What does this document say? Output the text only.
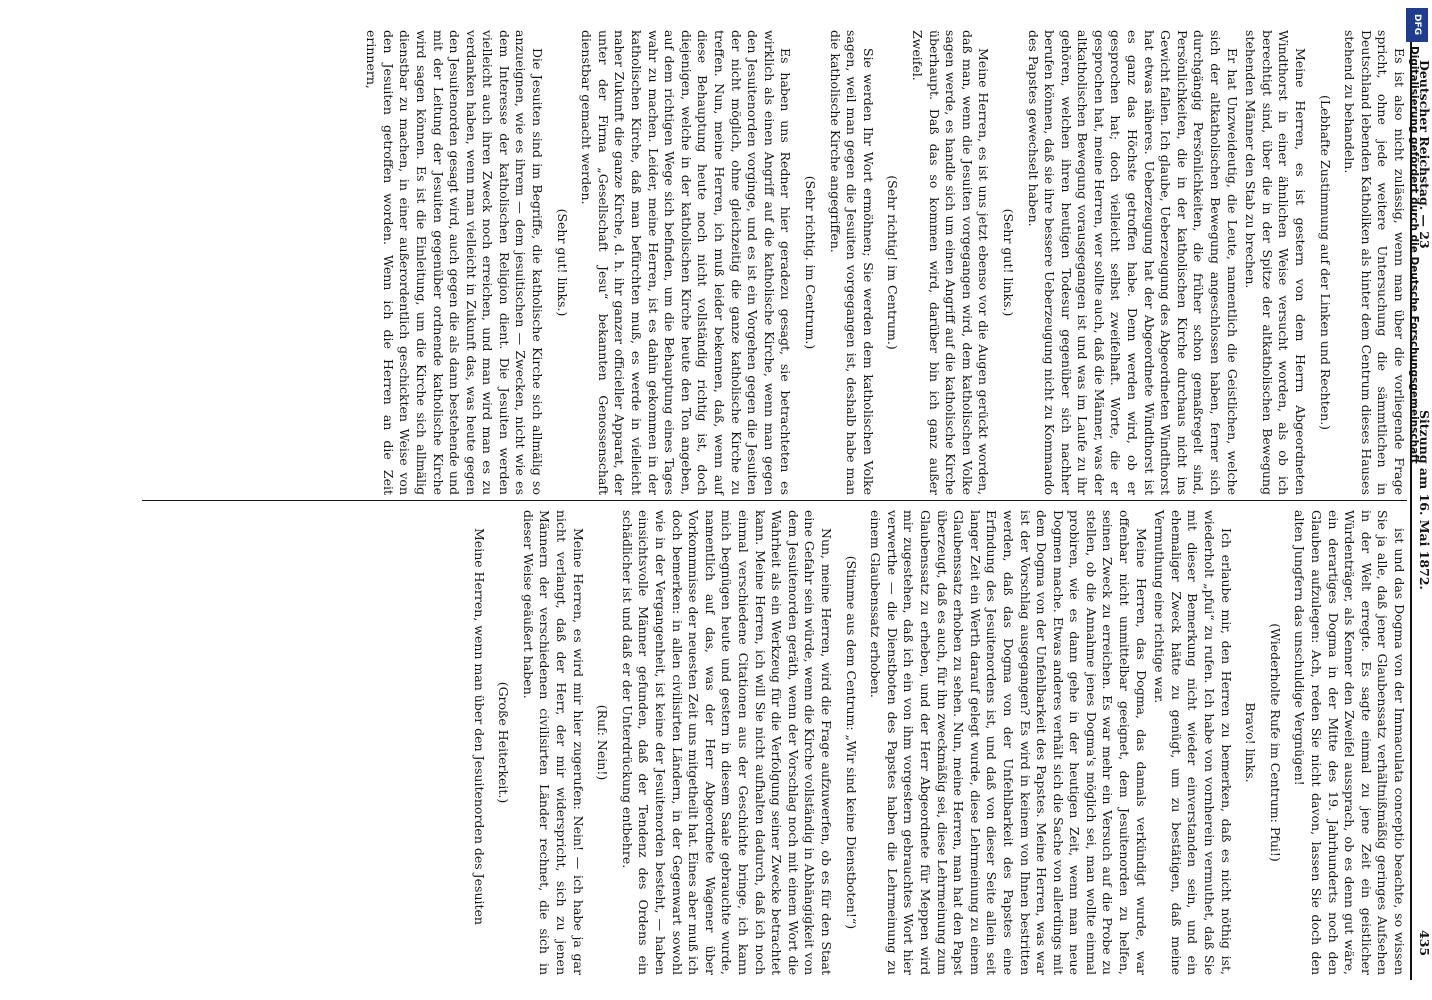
Deutscher Reichstag. — 23
Sitzung am 16. Mai 1872.
435

Es ist also nicht zulässig, wenn man über die vorliegende Frage spricht, ohne jede weitere Untersuchung die sämmtlichen in Deutschland lebenden Katholiken als hinter dem Centrum dieses Hauses stehend zu behandeln.

(Lebhafte Zustimmung auf der Linken und Rechten.)

Meine Herren, es ist gestern von dem Herrn Abgeordneten Windthorst in einer ähnlichen Weise versucht worden, als ob ich berechtigt sind, über die in der Spitze der altkatholischen Bewegung stehenden Männer den Stab zu brechen.

Er hat Unzweideutig, die Leute, namentlich die Geistlichen, welche sich der altkatholischen Bewegung angeschlossen haben, ferner sich durchgängig Persönlichkeiten, die früher schon gemaßregelt sind, Persönlichkeiten, die in der katholischen Kirche durchaus nicht ins Gewicht fallen. Ich glaube, Ueberzeugung des Abgeordneten Windthorst hat etwas näheres. Ueberzeugung hat der Abgeordnete Windthorst ist es ganz das Höchste getroffen habe. Denn werden wird, ob er gesprochen hat; doch vielleicht selbst zweifelhaft. Worte, die er gesprochen hat, meine Herren, wer sollte auch, daß die Männer, was der altkatholischen Bewegung vorausgegangen ist und was im Laufe zu ihr gehören, welchen ihren heutigen Todesur gegenüber sich nachher berufen können, daß sie ihre bessere Ueberzeugung nicht zu Kommando des Papstes gewechselt haben.

(Sehr gut! links.)

Meine Herren, es ist uns jetzt ebenso vor die Augen gerückt worden, daß man, wenn die Jesuiten vorgegangen wird, dem katholischen Volke sagen werde, es handle sich um einen Angriff auf die katholische Kirche überhaupt. Daß das so kommen wird, darüber bin ich ganz außer Zweifel.

(Sehr richtig! im Centrum.)

Sie werden Ihr Wort ermöhnen; Sie werden dem katholischen Volke sagen, weil man gegen die Jesuiten vorgegangen ist, deshalb habe man die katholische Kirche angegriffen.

(Sehr richtig. im Centrum.)

Es haben uns Redner hier geradezu gesagt, sie betrachteten es wirklich als einen Angriff auf die katholische Kirche, wenn man gegen den Jesuitenorden vorginge, und es ist ein Vorgehen gegen die Jesuiten der nicht möglich, ohne gleichzeitig die ganze katholische Kirche zu treffen. Nun, meine Herren, ich muß leider bekennen, daß, wenn auf diese Behauptung heute noch nicht vollständig richtig ist, doch diejenigen, welche in der katholischen Kirche heute den Ton angeben, auf dem richtigen Wege sich befinden, um die Behauptung eines Tages wahr zu machen. Leider, meine Herren, ist es dahin gekommen in der katholischen Kirche, daß man befürchten muß, es werde in vielleicht naher Zukunft die ganze Kirche, d. h. ihr ganzer officieller Apparat, der unter der Firma „Gesellschaft Jesu“ bekannten Genossenschaft dienstbar gemacht werden.

(Sehr gut! links.)

Die Jesuiten sind im Begriffe, die katholische Kirche sich allmälig so anzueignen, wie es ihrem — dem jesuitischen — Zwecken, nicht wie es dem Interesse der katholischen Religion dient. Die Jesuiten werden vielleicht auch ihren Zweck noch erreichen, und man wird man es zu verdanken haben, wenn man vielleicht in Zukunft das, was heute gegen den Jesuitenorden gesagt wird, auch gegen die als dann bestehende und mit der Leitung der Jesuiten gegenüber ordnende katholische Kirche wird sagen können. Es ist die Einleitung, um die Kirche sich allmälig dienstbar zu machen, in einer außerordentlich geschickten Weise von den Jesuiten getroffen worden. Wenn ich die Herren an die Zeit erinnern,

ist und das Dogma von der Immaculata conceptio beachte, so wissen Sie ja alle, daß jener Glaubenssatz verhältnißmäßig geringes Aufsehen in der Welt erregte. Es sagte einmal zu jene Zeit ein geistlicher Würdenträger, als Kenner den Zweifel aussprach, ob es denn gut wäre, ein derartiges Dogma in der Mitte des 19. Jahrhunderts noch den Glauben aufzulegen: Ach, reden Sie nicht davon, lassen Sie doch den alten Jungfern das unschuldige Vergnügen!

(Wiederholte Rufe im Centrum: Pfui!)

Bravo! links.

Ich erlaube mir, den Herren zu bemerken, daß es nicht nöthig ist, wiederholt „pfui“ zu rufen. Ich habe von vornherein vermuthet, daß Sie mit dieser Bemerkung nicht wieder einverstanden sein, und ein ehemaliger Zweck hätte zu genügt, um zu bestätigen, daß meine Vermuthung eine richtige war.

Meine Herren, das Dogma, das damals verkündigt wurde, war offenbar nicht unmittelbar geeignet, dem Jesuitenorden zu helfen, seinen Zweck zu erreichen. Es war mehr ein Versuch auf die Probe zu stellen, ob die Annahme jenes Dogma's möglich sei, man wollte einmal probiren, wie es dann gehe in der heutigen Zeit, wenn man neue Dogmen mache. Etwas anderes verhält sich die Sache von allerdings mit dem Dogma von der Unfehlbarkeit des Papstes. Meine Herren, was war ist der Vorschlag ausgegangen? Es wird in keinem von Ihnen bestritten werden, daß das Dogma von der Unfehlbarkeit des Papstes eine Erfindung des Jesuitenordens ist, und daß von dieser Seite allein seit langer Zeit ein Werth darauf gelegt wurde, diese Lehrmeinung zu einem Glaubenssatz erhoben zu sehen. Nun, meine Herren, man hat den Papst überzeugt, daß es auch, für ihn zweckmäßig sei, diese Lehrmeinung zum Glaubenssatz zu erheben, und der Herr Abgeordnete für Meppen wird mir zugestehen, daß ich ein von ihm vorgestern gebrauchtes Wort hier verwerthe — die Dienstboten des Papstes haben die Lehrmeinung zu einem Glaubenssatz erhoben.

(Stimme aus dem Centrum: „Wir sind keine Dienstboten!“)

Nun, meine Herren, wird die Frage aufzuwerfen, ob es für den Staat eine Gefahr sein würde, wenn die Kirche vollständig in Abhängigkeit von dem Jesuitenorden geräth, wenn der Vorschlag noch mit einem Wort die Wahrheit als ein Werkzeug für die Verfolgung seiner Zwecke betrachtet kann. Meine Herren, ich will Sie nicht aufhalten dadurch, daß ich noch einmal verschiedene Citationen aus der Geschichte bringe, ich kann mich begnügen heute und gestern in diesem Saale gebrauchte wurde, namentlich auf das, was der Herr Abgeordnete Wagener über Vorkommnisse der neuesten Zeit uns mitgetheilt hat. Eines aber muß ich doch bemerken: in allen civilisirten Ländern, in der Gegenwart sowohl wie in der Vergangenheit, ist keine der Jesuitenorden besteht, — haben einsichtsvolle Männer gefunden, daß der Tendenz des Ordens ein schädlicher ist und daß er der Unterdrückung entbehre.

(Ruf: Nein!)

Meine Herren, es wird mir hier zugerufen: Nein! — ich habe ja gar nicht verlangt, daß der Herr, der mir widerspricht, sich zu jenen Männern der verschiedenen civilisirten Länder rechnet, die sich in dieser Weise geäußert haben.

(Große Heiterkeit.)

Meine Herren, wenn man über den Jesuitenorden des Jesuiten

DFG
Digitalisierung gefördert durch die Deutsche Forschungsgemeinschaft
